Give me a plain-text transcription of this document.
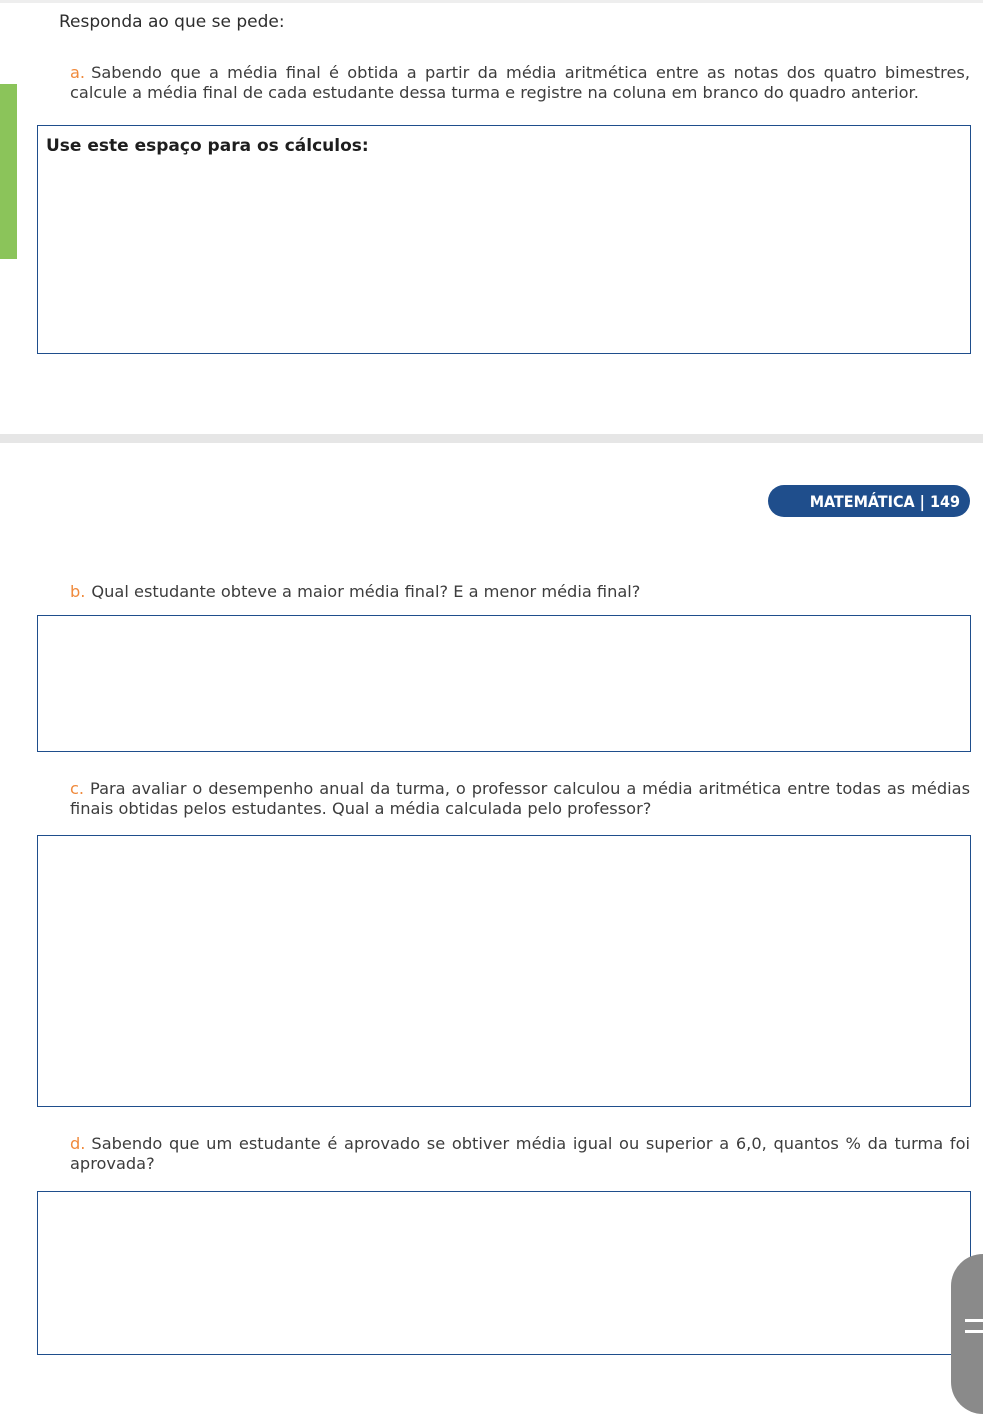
Responda ao que se pede:
a. Sabendo que a média final é obtida a partir da média aritmética entre as notas dos quatro bimestres, calcule a média final de cada estudante dessa turma e registre na coluna em branco do quadro anterior.
Use este espaço para os cálculos:
MATEMÁTICA | 149
b. Qual estudante obteve a maior média final? E a menor média final?
c. Para avaliar o desempenho anual da turma, o professor calculou a média aritmética entre todas as médias finais obtidas pelos estudantes. Qual a média calculada pelo professor?
d. Sabendo que um estudante é aprovado se obtiver média igual ou superior a 6,0, quantos % da turma foi aprovada?
